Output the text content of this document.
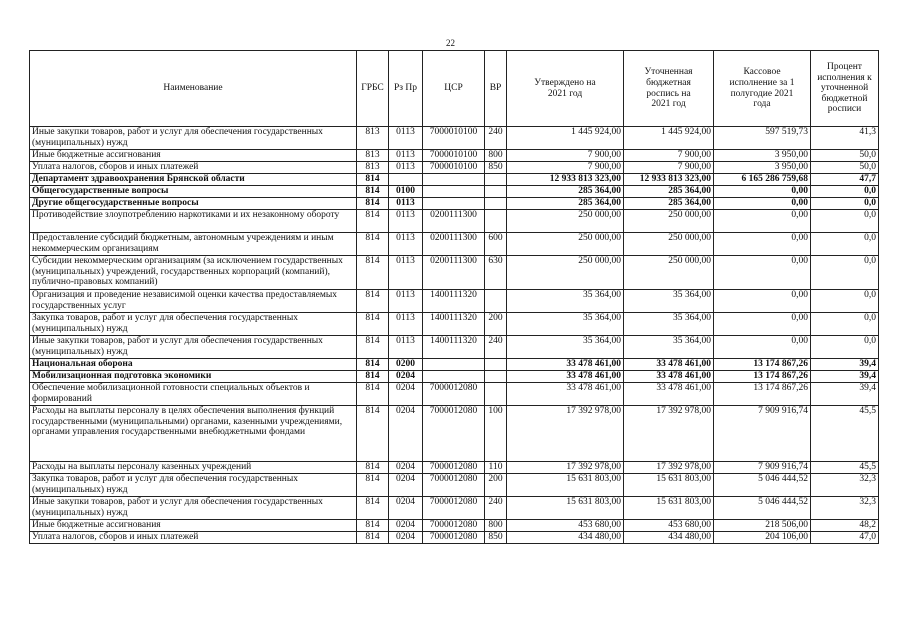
22
Наименование	ГРБС	Рз Пр	ЦСР	ВР	Утверждено на 2021 год	Уточненная бюджетная роспись на 2021 год	Кассовое исполнение за 1 полугодие 2021 года	Процент исполнения к уточненной бюджетной росписи
Иные закупки товаров, работ и услуг для обеспечения государственных (муниципальных) нужд	813	0113	7000010100	240	1 445 924,00	1 445 924,00	597 519,73	41,3
Иные бюджетные ассигнования	813	0113	7000010100	800	7 900,00	7 900,00	3 950,00	50,0
Уплата налогов, сборов и иных платежей	813	0113	7000010100	850	7 900,00	7 900,00	3 950,00	50,0
Департамент здравоохранения Брянской области	814				12 933 813 323,00	12 933 813 323,00	6 165 286 759,68	47,7
Общегосударственные вопросы	814	0100			285 364,00	285 364,00	0,00	0,0
Другие общегосударственные вопросы	814	0113			285 364,00	285 364,00	0,00	0,0
Противодействие злоупотреблению наркотиками и их незаконному обороту	814	0113	0200111300		250 000,00	250 000,00	0,00	0,0
Предоставление субсидий бюджетным, автономным учреждениям и иным некоммерческим организациям	814	0113	0200111300	600	250 000,00	250 000,00	0,00	0,0
Субсидии некоммерческим организациям (за исключением государственных (муниципальных) учреждений, государственных корпораций (компаний), публично-правовых компаний)	814	0113	0200111300	630	250 000,00	250 000,00	0,00	0,0
Организация и проведение независимой оценки качества предоставляемых государственных услуг	814	0113	1400111320		35 364,00	35 364,00	0,00	0,0
Закупка товаров, работ и услуг для обеспечения государственных (муниципальных) нужд	814	0113	1400111320	200	35 364,00	35 364,00	0,00	0,0
Иные закупки товаров, работ и услуг для обеспечения государственных (муниципальных) нужд	814	0113	1400111320	240	35 364,00	35 364,00	0,00	0,0
Национальная оборона	814	0200			33 478 461,00	33 478 461,00	13 174 867,26	39,4
Мобилизационная подготовка экономики	814	0204			33 478 461,00	33 478 461,00	13 174 867,26	39,4
Обеспечение мобилизационной готовности специальных объектов и формирований	814	0204	7000012080		33 478 461,00	33 478 461,00	13 174 867,26	39,4
Расходы на выплаты персоналу в целях обеспечения выполнения функций государственными (муниципальными) органами, казенными учреждениями, органами управления государственными внебюджетными фондами	814	0204	7000012080	100	17 392 978,00	17 392 978,00	7 909 916,74	45,5
Расходы на выплаты персоналу казенных учреждений	814	0204	7000012080	110	17 392 978,00	17 392 978,00	7 909 916,74	45,5
Закупка товаров, работ и услуг для обеспечения государственных (муниципальных) нужд	814	0204	7000012080	200	15 631 803,00	15 631 803,00	5 046 444,52	32,3
Иные закупки товаров, работ и услуг для обеспечения государственных (муниципальных) нужд	814	0204	7000012080	240	15 631 803,00	15 631 803,00	5 046 444,52	32,3
Иные бюджетные ассигнования	814	0204	7000012080	800	453 680,00	453 680,00	218 506,00	48,2
Уплата налогов, сборов и иных платежей	814	0204	7000012080	850	434 480,00	434 480,00	204 106,00	47,0
